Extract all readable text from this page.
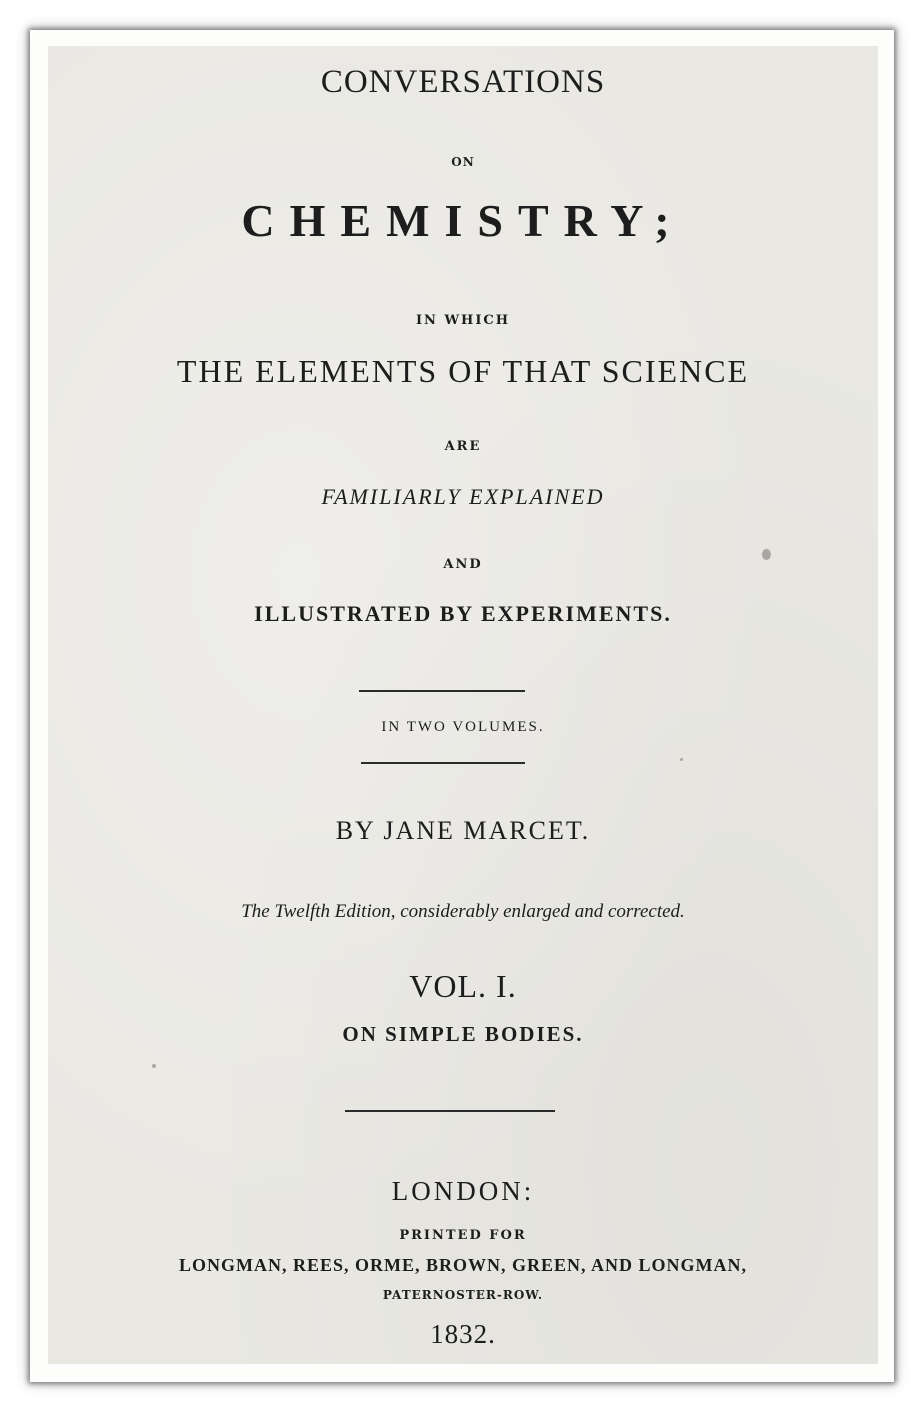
CONVERSATIONS
ON
CHEMISTRY;
IN WHICH
THE ELEMENTS OF THAT SCIENCE
ARE
FAMILIARLY EXPLAINED
AND
ILLUSTRATED BY EXPERIMENTS.
IN TWO VOLUMES.
BY JANE MARCET.
The Twelfth Edition, considerably enlarged and corrected.
VOL. I.
ON SIMPLE BODIES.
LONDON:
PRINTED FOR
LONGMAN, REES, ORME, BROWN, GREEN, AND LONGMAN,
PATERNOSTER-ROW.
1832.
